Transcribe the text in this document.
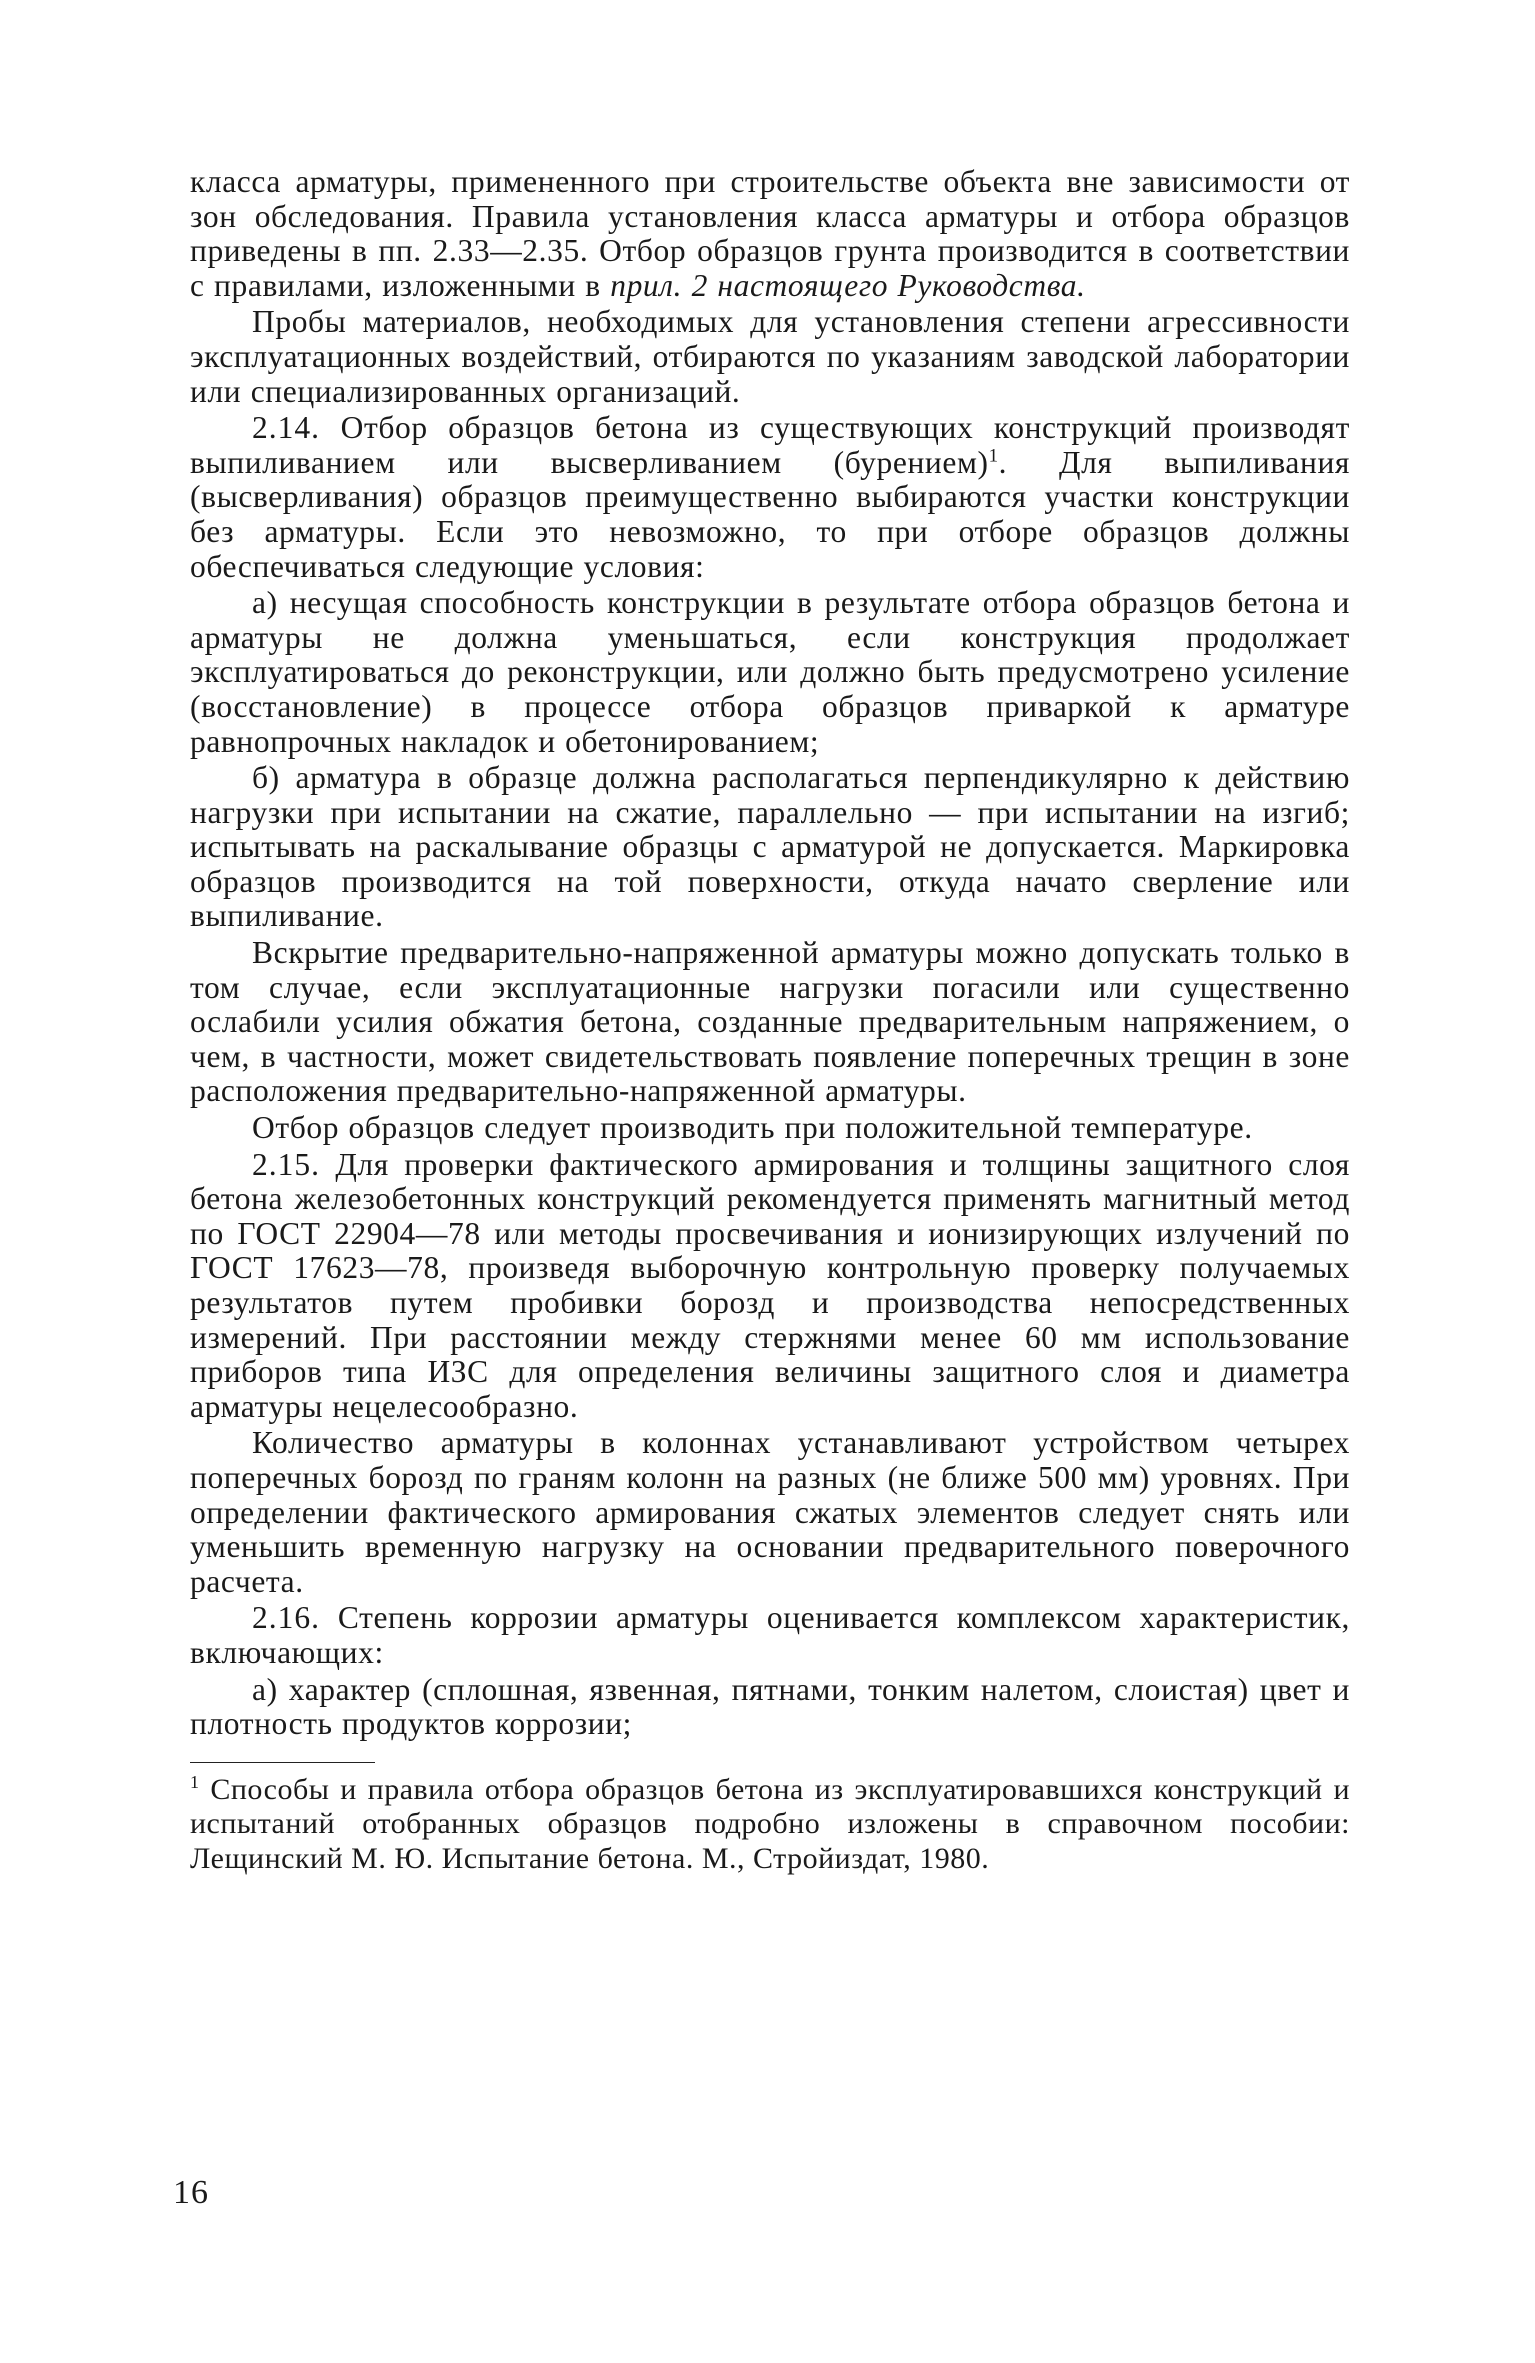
класса арматуры, примененного при строительстве объекта вне зависимости от зон обследования. Правила установления класса арматуры и отбора образцов приведены в пп. 2.33—2.35. Отбор образцов грунта производится в соответствии с правилами, изложенными в прил. 2 настоящего Руководства.

Пробы материалов, необходимых для установления степени агрессивности эксплуатационных воздействий, отбираются по указаниям заводской лаборатории или специализированных организаций.

2.14. Отбор образцов бетона из существующих конструкций производят выпиливанием или высверливанием (бурением)$^1$. Для выпиливания (высверливания) образцов преимущественно выбираются участки конструкции без арматуры. Если это невозможно, то при отборе образцов должны обеспечиваться следующие условия:

а) несущая способность конструкции в результате отбора образцов бетона и арматуры не должна уменьшаться, если конструкция продолжает эксплуатироваться до реконструкции, или должно быть предусмотрено усиление (восстановление) в процессе отбора образцов приваркой к арматуре равнопрочных накладок и обетонированием;

б) арматура в образце должна располагаться перпендикулярно к действию нагрузки при испытании на сжатие, параллельно — при испытании на изгиб; испытывать на раскалывание образцы с арматурой не допускается. Маркировка образцов производится на той поверхности, откуда начато сверление или выпиливание.

Вскрытие предварительно-напряженной арматуры можно допускать только в том случае, если эксплуатационные нагрузки погасили или существенно ослабили усилия обжатия бетона, созданные предварительным напряжением, о чем, в частности, может свидетельствовать появление поперечных трещин в зоне расположения предварительно-напряженной арматуры.

Отбор образцов следует производить при положительной температуре.

2.15. Для проверки фактического армирования и толщины защитного слоя бетона железобетонных конструкций рекомендуется применять магнитный метод по ГОСТ 22904—78 или методы просвечивания и ионизирующих излучений по ГОСТ 17623—78, произведя выборочную контрольную проверку получаемых результатов путем пробивки борозд и производства непосредственных измерений. При расстоянии между стержнями менее 60 мм использование приборов типа ИЗС для определения величины защитного слоя и диаметра арматуры нецелесообразно.

Количество арматуры в колоннах устанавливают устройством четырех поперечных борозд по граням колонн на разных (не ближе 500 мм) уровнях. При определении фактического армирования сжатых элементов следует снять или уменьшить временную нагрузку на основании предварительного поверочного расчета.

2.16. Степень коррозии арматуры оценивается комплексом характеристик, включающих:

а) характер (сплошная, язвенная, пятнами, тонким налетом, слоистая) цвет и плотность продуктов коррозии;

$^1$ Способы и правила отбора образцов бетона из эксплуатировавшихся конструкций и испытаний отобранных образцов подробно изложены в справочном пособии: Лещинский М. Ю. Испытание бетона. М., Стройиздат, 1980.

16
